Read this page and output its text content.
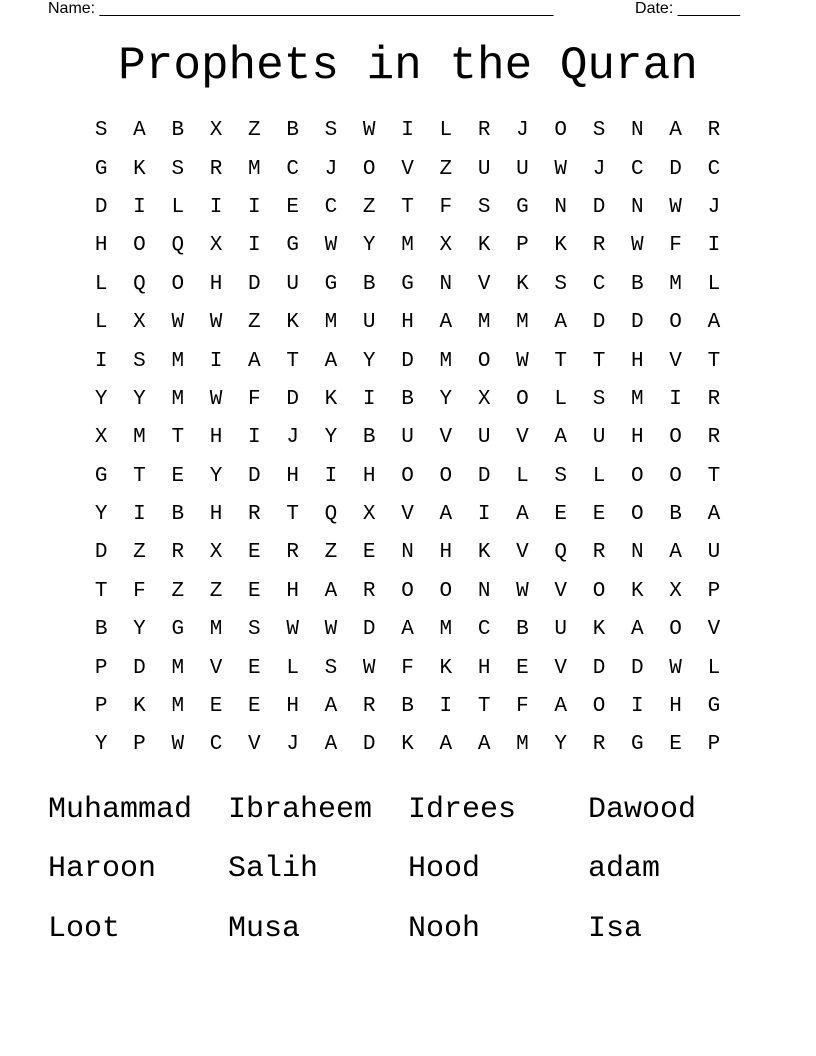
Name: ___________________________________________________	Date: _______
Prophets in the Quran
S	A	B	X	Z	B	S	W	I	L	R	J	O	S	N	A	R
G	K	S	R	M	C	J	O	V	Z	U	U	W	J	C	D	C
D	I	L	I	I	E	C	Z	T	F	S	G	N	D	N	W	J
H	O	Q	X	I	G	W	Y	M	X	K	P	K	R	W	F	I
L	Q	O	H	D	U	G	B	G	N	V	K	S	C	B	M	L
L	X	W	W	Z	K	M	U	H	A	M	M	A	D	D	O	A
I	S	M	I	A	T	A	Y	D	M	O	W	T	T	H	V	T
Y	Y	M	W	F	D	K	I	B	Y	X	O	L	S	M	I	R
X	M	T	H	I	J	Y	B	U	V	U	V	A	U	H	O	R
G	T	E	Y	D	H	I	H	O	O	D	L	S	L	O	O	T
Y	I	B	H	R	T	Q	X	V	A	I	A	E	E	O	B	A
D	Z	R	X	E	R	Z	E	N	H	K	V	Q	R	N	A	U
T	F	Z	Z	E	H	A	R	O	O	N	W	V	O	K	X	P
B	Y	G	M	S	W	W	D	A	M	C	B	U	K	A	O	V
P	D	M	V	E	L	S	W	F	K	H	E	V	D	D	W	L
P	K	M	E	E	H	A	R	B	I	T	F	A	O	I	H	G
Y	P	W	C	V	J	A	D	K	A	A	M	Y	R	G	E	P
Muhammad	Ibraheem	Idrees	Dawood
Haroon	Salih	Hood	adam
Loot	Musa	Nooh	Isa
